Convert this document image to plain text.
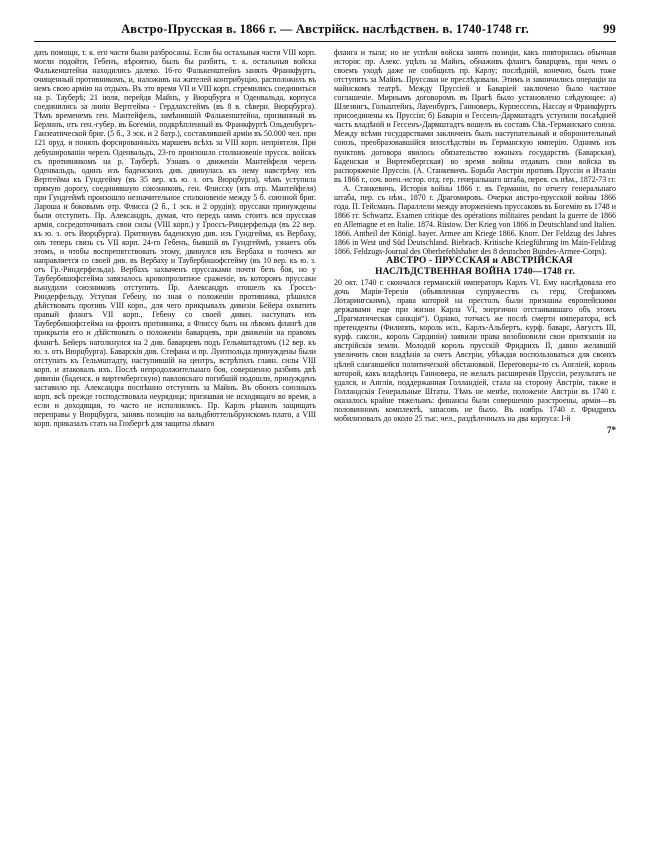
Австро-Прусская в. 1866 г. — Австрійск. наслѣдствен. в. 1740-1748 гг.	99

дать помощи, т. к. его части были разбросаны. Если бы остальныя части VIII корп. могли подойти, Гебенъ, вѣроятно, былъ бы разбитъ, т. к. остальныя войска Фалькенштейна находились далеко. 16-го Фалькенштейнъ занялъ Франкфуртъ, очищенный противникомъ, и, наложивъ на жителей контрибуцію, расположилъ въ немъ свою армію на отдыхъ. Въ это время VII и VIII корп. стремились соединиться на р. Тауберѣ; 21 іюля, перейдя Майнъ, у Вюрцбурга и Оденвальда, корпуса соединились за линіи Вертгейма - Гердлахсгеймъ (въ 8 в. сѣверн. Вюрцбурга). Тѣмъ временемъ ген. Мантейфель, замѣнившій Фалькенштейна, призванный въ Берлинъ, отъ ген.-губер. въ Богеміи, подкрѣпленный въ Франкфуртѣ Ольденбургъ-Ганзеатической бриг. (5 б., 3 эск. и 2 батр.), составлявшей арміи въ 50.000 чел. при 121 оруд. и понялъ форсированныхъ маршевъ всѣхъ за VIII корп. непріятеля. При дебушированіи черезъ Оденвальдъ, 23-го произошло столкновеніе прусск. войскъ съ противникомъ на р. Тауберѣ. Узнавъ о движеніи Мантейфеля черезъ Оденвальдъ, одинъ изъ баденскихъ див. двинулась къ нему навстрѣчу изъ Вертгейма къ Гундгейму (въ 35 вер. къ ю. з. отъ Вюрцбурга), чѣмъ уступила прямую дорогу, соединявшую союзниковъ, ген. Флисску (изъ отр. Мантейфеля) при Гундгеймѣ произошло незначительное столкновеніе между 5 б. союзной бриг. Лароша и боковымъ отр. Флисса (2 б., 1 эск. и 2 орудія); пруссаки принуждены были отступить. Пр. Александръ, думая, что передъ нимъ стоитъ вся прусская армія, сосредоточивалъ свои силы (VIII корп.) у Гроссъ-Риндерфельда (въ 22 вер. къ ю. з. отъ Вюрцбурга). Притянувъ баденскую див. изъ Гундгейма, къ Вербаху, онъ теперь связь съ VII корп. 24-го Гебенъ, бывшій въ Гундгеймѣ, узнаетъ объ этомъ, и чтобы воспрепятствовать этому, двинулся изъ Вербаха и толчекъ же направляется со своей див. въ Вербаху и Таубербишофсгейму (въ 10 вер. къ ю. з. отъ Гр.-Риндерфельда). Вербахъ захваченъ пруссаками почти безъ боя, но у Таубербишофсгейма завязалось кровопролитное сраженіе, въ которомъ пруссаки вынудили союзниковъ отступить. Пр. Александръ отошелъ къ Гроссъ-Риндерфельду. Уступая Гебену, но зная о положеніи противника, рѣшился дѣйствовать противъ VIII корп., для чего прикрывалъ дивизіи Бейера охватить правый флангъ VII корп., Гебену со своей дивиз. наступать изъ Таубербишофсгейма на фронтъ противника, а Флиссу быть на лѣвомъ флангѣ для прикрытія его и дѣйствовать о положеніи баварцевъ, при движеніи на правомъ флангѣ. Бейеръ натолкнулся на 2 див. баварцевъ подъ Гельмштадтомъ (12 вер. къ ю. з. отъ Вюрцбурга). Баварскія див. Стефана и пр. Луитпольда принуждены были отступать къ Гельмштадту, наступившій на центръ, встрѣтилъ главн. силы VIII корп. и атаковалъ ихъ. Послѣ непродолжительнаго боя, совершенно разбивъ двѣ дивизіи (баденск. и виртембергскую) павловскаго погибшій подошли, принужденъ заставило пр. Александра поспѣшно отступить за Майнъ. Въ обоихъ союзныхъ корп. всѣ прежде господствовала неурядица; признавая не исходящаго во время, а если и доходящая, то часто не исполнялись. Пр. Карлъ рѣшилъ защищать переправы у Вюрцбурга, занявъ позицію на вальдбюттельбрунскомъ плато, а VIII корп. приказалъ стать на Гохбергѣ для защиты лѣваго

фланга и тыла; но не успѣли войска занять позиціи, какъ повторилась обычная исторія: пр. Алекс. уцѣлъ за Майнъ, обнаживъ флангъ баварцевъ, при чемъ о своемъ уходѣ даже не сообщилъ пр. Карлу; послѣдній, конечно, былъ тоже отступить за Майнъ. Пруссаки не преслѣдовали. Этимъ и закончились операціи на майнскомъ театрѣ. Между Пруссіей и Баваріей заключено было частное соглашеніе. Мирнымъ договоромъ въ Прагѣ было установлено слѣдующее: а) Шлезвигъ, Гольштейнъ, Лауенбургъ, Ганноверъ, Курпессенъ, Нассау и Франкфуртъ присоединены къ Пруссіи; б) Баварія и Гессенъ-Дармштадтъ уступили посаѣдней часть владѣній и Гессенъ-Дармштадтъ вошелъ въ составъ Сѣв.-Германскаго союза. Между всѣми государствами заключенъ былъ наступательный и оборонительный союзъ, преобразовавшійся впослѣдствіи въ Германскую имперію. Однимъ изъ пунктовъ договора явилось обязательство южныхъ государствъ (Баварская), Баденская и Виртембергская) во время войны отдавать свои войска въ распоряженіе Пруссіи. (А. Станкевичъ. Борьба Австріи противъ Пруссіи и Италіи въ 1866 г., соч. воен.-истор. отд. гер. генеральнаго штаба, перев. съ нѣм., 1872-73 гг.

А. Станкевичъ. Исторія войны 1866 г. въ Германіи, по отчету генеральнаго штаба, пер. съ нѣм., 1870 г. Драгомировъ. Очерки австро-прусской войны 1866 года. П. Гейсманъ. Параллели между вторженіемъ пруссаковъ въ Богемію въ 1748 и 1866 гг. Schwartz. Examen critique des opérations militaires pendant la guerre de 1866 en Allemagne et en Italie. 1874. Rüstow. Der Krieg von 1866 in Deutschland und Italien. 1866. Antheil der Königl. bayer. Armee am Kriege 1866. Knorr. Der Feldzug des Jahres 1866 in West und Süd Deutschland. Biebrach. Kritische Kriegführung im Main-Feldzug 1866. Feldzugs-Journal des Oberbefehlshaber des 8 deutschen Bundes-Armee-Corps).

АВСТРО - ПРУССКАЯ и АВСТРІЙСКАЯ НАСЛѢДСТВЕННАЯ ВОЙНА 1740—1748 гг.

20 окт. 1740 г. скончался германскій императоръ Карлъ VI. Ему наслѣдовала его дочь Марія-Терезія (объявленная супружествъ съ герц. Стефаномъ Лотарингскимъ), права которой на престолъ были признаны европейскими державами еще при жизни Карла VI, энергично отстаивавшаго объ этомъ „Прагматическая санкція“). Однако, тотчасъ же послѣ смерти императора, всѣ претенденты (Филиппъ, король исп., Карлъ-Альбертъ, курф. баварс, Августъ III, курф. саксон., король Сардиніи) заявили права возобновили свои притязанія на австрійскія земли. Молодой король прусскій Фридрихъ II, давно желавшій увеличить свои владѣнія за счетъ Австріи, убѣждая воспользоваться для своихъ цѣлей слагавшейся политической обстановкой. Переговоры-то съ Англіей, король которой, какъ владѣлецъ Ганновера, не желалъ расширенія Пруссіи, результатъ не удался, и Англія, поддержанная Голландіей, стала на сторону Австріи, также и Голландскія Генеральные Штаты. Тѣмъ не менѣе, положеніе Австріи въ 1740 г. оказалось крайне тяжелымъ: финансы были совершенно разстроены, арміи—въ половинномъ комплектѣ, запасовъ не было. Въ ноябрь 1740 г. Фридрихъ мобилизовалъ до около 25 тыс. чел., раздѣленныхъ на два корпуса: I-й

7*
